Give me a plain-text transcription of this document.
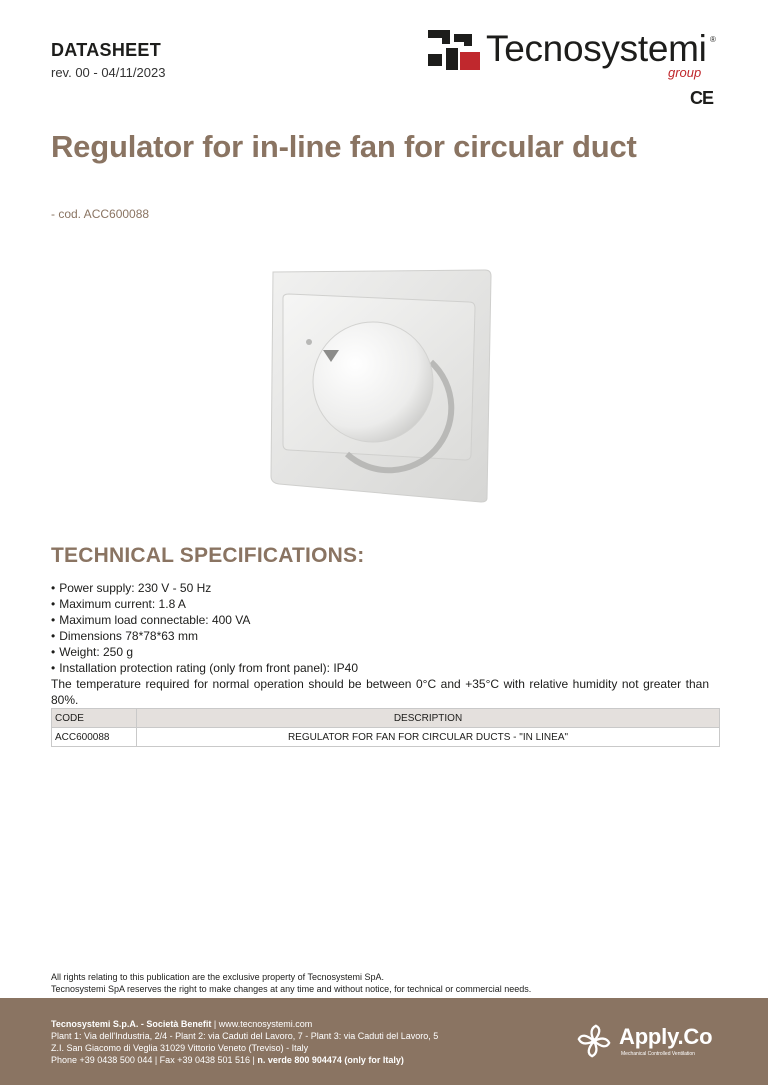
DATASHEET
rev. 00 - 04/11/2023
Tecnosystemi ®
group
CE
Regulator for in-line fan for circular duct
- cod. ACC600088
TECHNICAL SPECIFICATIONS:
• Power supply: 230 V - 50 Hz
• Maximum current: 1.8 A
• Maximum load connectable: 400 VA
• Dimensions 78*78*63 mm
• Weight: 250 g
• Installation protection rating (only from front panel): IP40
The temperature required for normal operation should be between 0°C and +35°C with relative humidity not greater than 80%.
CODE	DESCRIPTION
ACC600088	REGULATOR FOR FAN FOR CIRCULAR DUCTS - "IN LINEA"
All rights relating to this publication are the exclusive property of Tecnosystemi SpA.
Tecnosystemi SpA reserves the right to make changes at any time and without notice, for technical or commercial needs.
Tecnosystemi S.p.A. - Società Benefit | www.tecnosystemi.com
Plant 1: Via dell'Industria, 2/4 - Plant 2: via Caduti del Lavoro, 7 - Plant 3: via Caduti del Lavoro, 5
Z.I. San Giacomo di Veglia 31029 Vittorio Veneto (Treviso) - Italy
Phone +39 0438 500 044 | Fax +39 0438 501 516 | n. verde 800 904474 (only for Italy)
Apply.Co
Mechanical Controlled Ventilation
